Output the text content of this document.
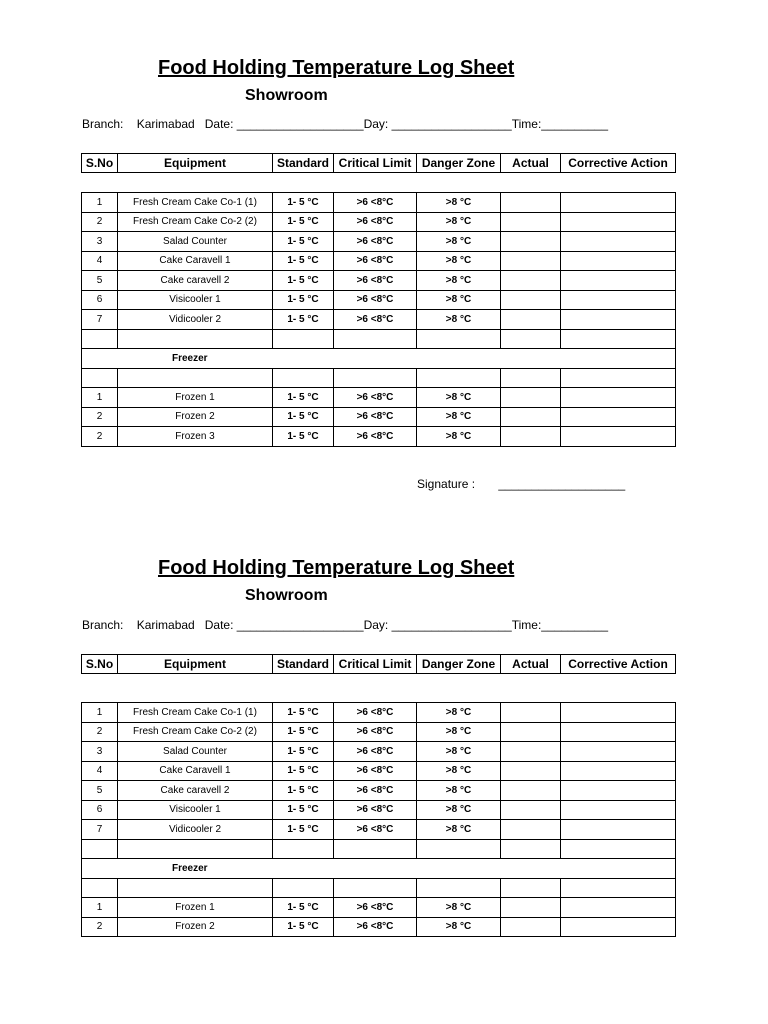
Food Holding Temperature Log Sheet
Showroom
Branch: Karimabad Date: ___________________Day: __________________Time:__________
S.No	Equipment	Standard	Critical Limit	Danger Zone	Actual	Corrective Action
1	Fresh Cream Cake Co-1 (1)	1- 5 °C	>6 <8°C	>8 °C		
2	Fresh Cream Cake Co-2 (2)	1- 5 °C	>6 <8°C	>8 °C		
3	Salad Counter	1- 5 °C	>6 <8°C	>8 °C		
4	Cake Caravell 1	1- 5 °C	>6 <8°C	>8 °C		
5	Cake caravell 2	1- 5 °C	>6 <8°C	>8 °C		
6	Visicooler 1	1- 5 °C	>6 <8°C	>8 °C		
7	Vidicooler 2	1- 5 °C	>6 <8°C	>8 °C		

Freezer						

1	Frozen 1	1- 5 °C	>6 <8°C	>8 °C		
2	Frozen 2	1- 5 °C	>6 <8°C	>8 °C		
2	Frozen 3	1- 5 °C	>6 <8°C	>8 °C		
Signature :       ___________________
Food Holding Temperature Log Sheet
Showroom
Branch: Karimabad Date: ___________________Day: __________________Time:__________
S.No	Equipment	Standard	Critical Limit	Danger Zone	Actual	Corrective Action
1	Fresh Cream Cake Co-1 (1)	1- 5 °C	>6 <8°C	>8 °C		
2	Fresh Cream Cake Co-2 (2)	1- 5 °C	>6 <8°C	>8 °C		
3	Salad Counter	1- 5 °C	>6 <8°C	>8 °C		
4	Cake Caravell 1	1- 5 °C	>6 <8°C	>8 °C		
5	Cake caravell 2	1- 5 °C	>6 <8°C	>8 °C		
6	Visicooler 1	1- 5 °C	>6 <8°C	>8 °C		
7	Vidicooler 2	1- 5 °C	>6 <8°C	>8 °C		

Freezer						

1	Frozen 1	1- 5 °C	>6 <8°C	>8 °C		
2	Frozen 2	1- 5 °C	>6 <8°C	>8 °C		
